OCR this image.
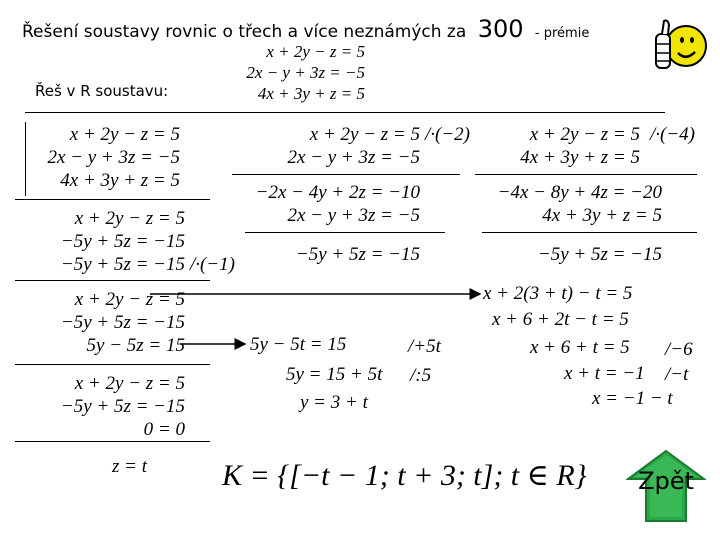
Řešení soustavy rovnic o třech a více neznámých za 300 - prémie
x + 2y − z = 5
2x − y + 3z = −5
4x + 3y + z = 5
Řeš v R soustavu:
x + 2y − z = 5
2x − y + 3z = −5
4x + 3y + z = 5
x + 2y − z = 5
−5y + 5z = −15
−5y + 5z = −15 /·(−1)
x + 2y − z = 5
−5y + 5z = −15
5y − 5z = 15
x + 2y − z = 5
−5y + 5z = −15
0 = 0
z = t
x + 2y − z = 5
2x − y + 3z = −5
/·(−2)
−2x − 4y + 2z = −10
2x − y + 3z = −5
−5y + 5z = −15
x + 2y − z = 5
4x + 3y + z = 5
/·(−4)
−4x − 8y + 4z = −20
4x + 3y + z = 5
−5y + 5z = −15
5y − 5t = 15	/+5t
5y = 15 + 5t /:5
y = 3 + t
x + 2(3 + t) − t = 5
x + 6 + 2t − t = 5
x + 6 + t = 5 /−6
x + t = −1 /−t
x = −1 − t
K = {[−t − 1; t + 3; t]; t ∈ R}	Zpět
